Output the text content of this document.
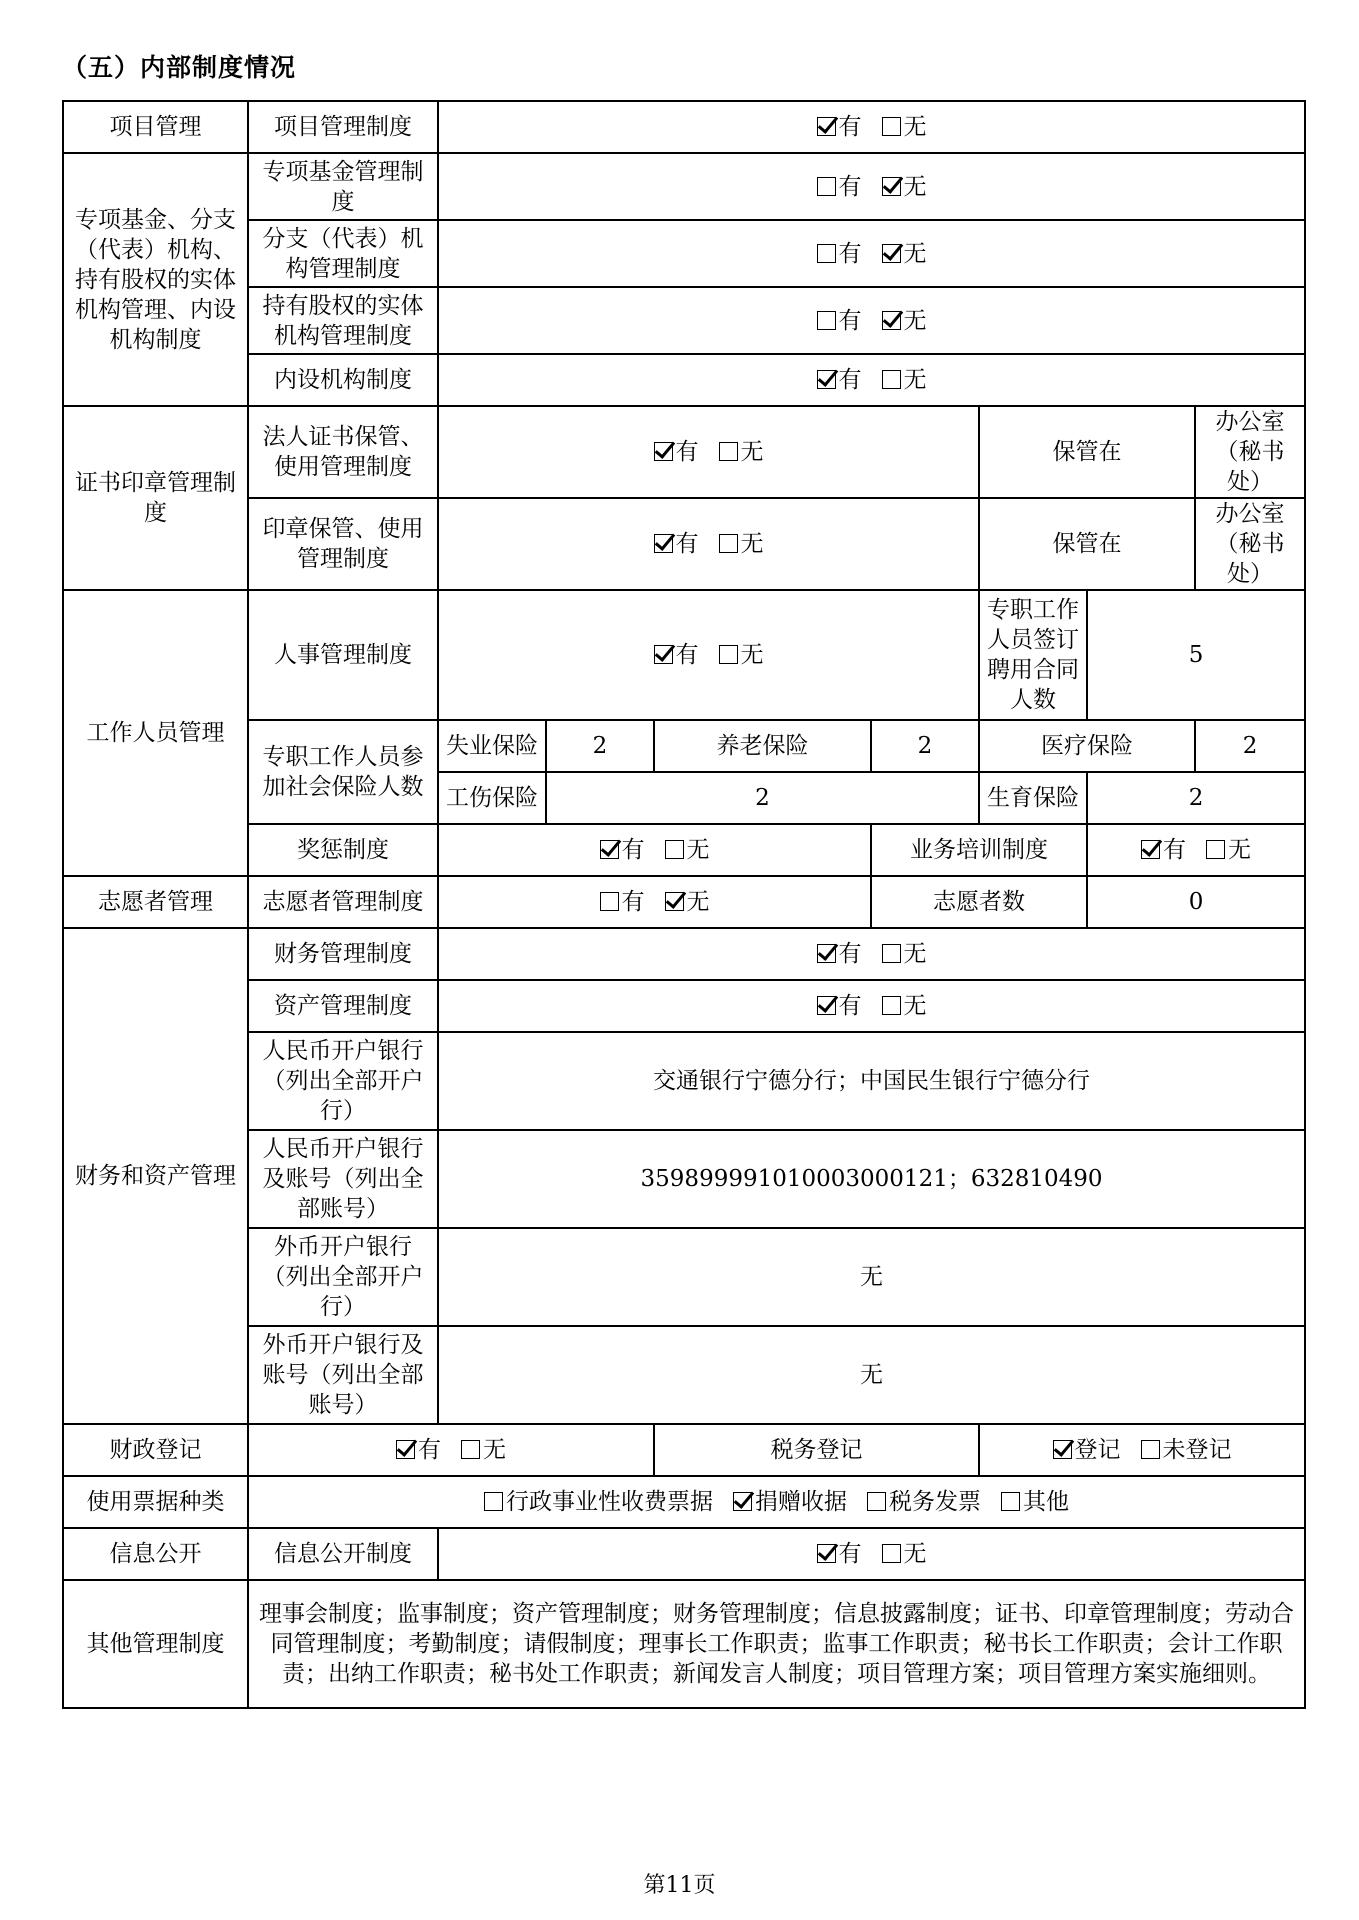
（五）内部制度情况
项目管理	项目管理制度	有 无						
专项基金、分支（代表）机构、持有股权的实体机构管理、内设机构制度	专项基金管理制度	有 无						
	分支（代表）机构管理制度	有 无						
	持有股权的实体机构管理制度	有 无						
	内设机构制度	有 无						
证书印章管理制度	法人证书保管、使用管理制度	有 无				保管在		办公室（秘书处）
	印章保管、使用管理制度	有 无				保管在		办公室（秘书处）
工作人员管理	人事管理制度	有 无				专职工作人员签订聘用合同人数	5	
	专职工作人员参加社会保险人数	失业保险	2	养老保险	2	医疗保险		2
		工伤保险	2			生育保险	2	
	奖惩制度	有 无			业务培训制度		有 无	
志愿者管理	志愿者管理制度	有 无			志愿者数		0	
财务和资产管理	财务管理制度	有 无						
	资产管理制度	有 无						
	人民币开户银行（列出全部开户行）	交通银行宁德分行；中国民生银行宁德分行						
	人民币开户银行及账号（列出全部账号）	359899991010003000121；632810490						
	外币开户银行（列出全部开户行）	无						
	外币开户银行及账号（列出全部账号）	无						
财政登记	有 无			税务登记		登记 未登记		
使用票据种类	行政事业性收费票据 捐赠收据 税务发票 其他							
信息公开	信息公开制度	有 无						
其他管理制度	理事会制度；监事制度；资产管理制度；财务管理制度；信息披露制度；证书、印章管理制度；劳动合同管理制度；考勤制度；请假制度；理事长工作职责；监事工作职责；秘书长工作职责；会计工作职责；出纳工作职责；秘书处工作职责；新闻发言人制度；项目管理方案；项目管理方案实施细则。							
第11页
